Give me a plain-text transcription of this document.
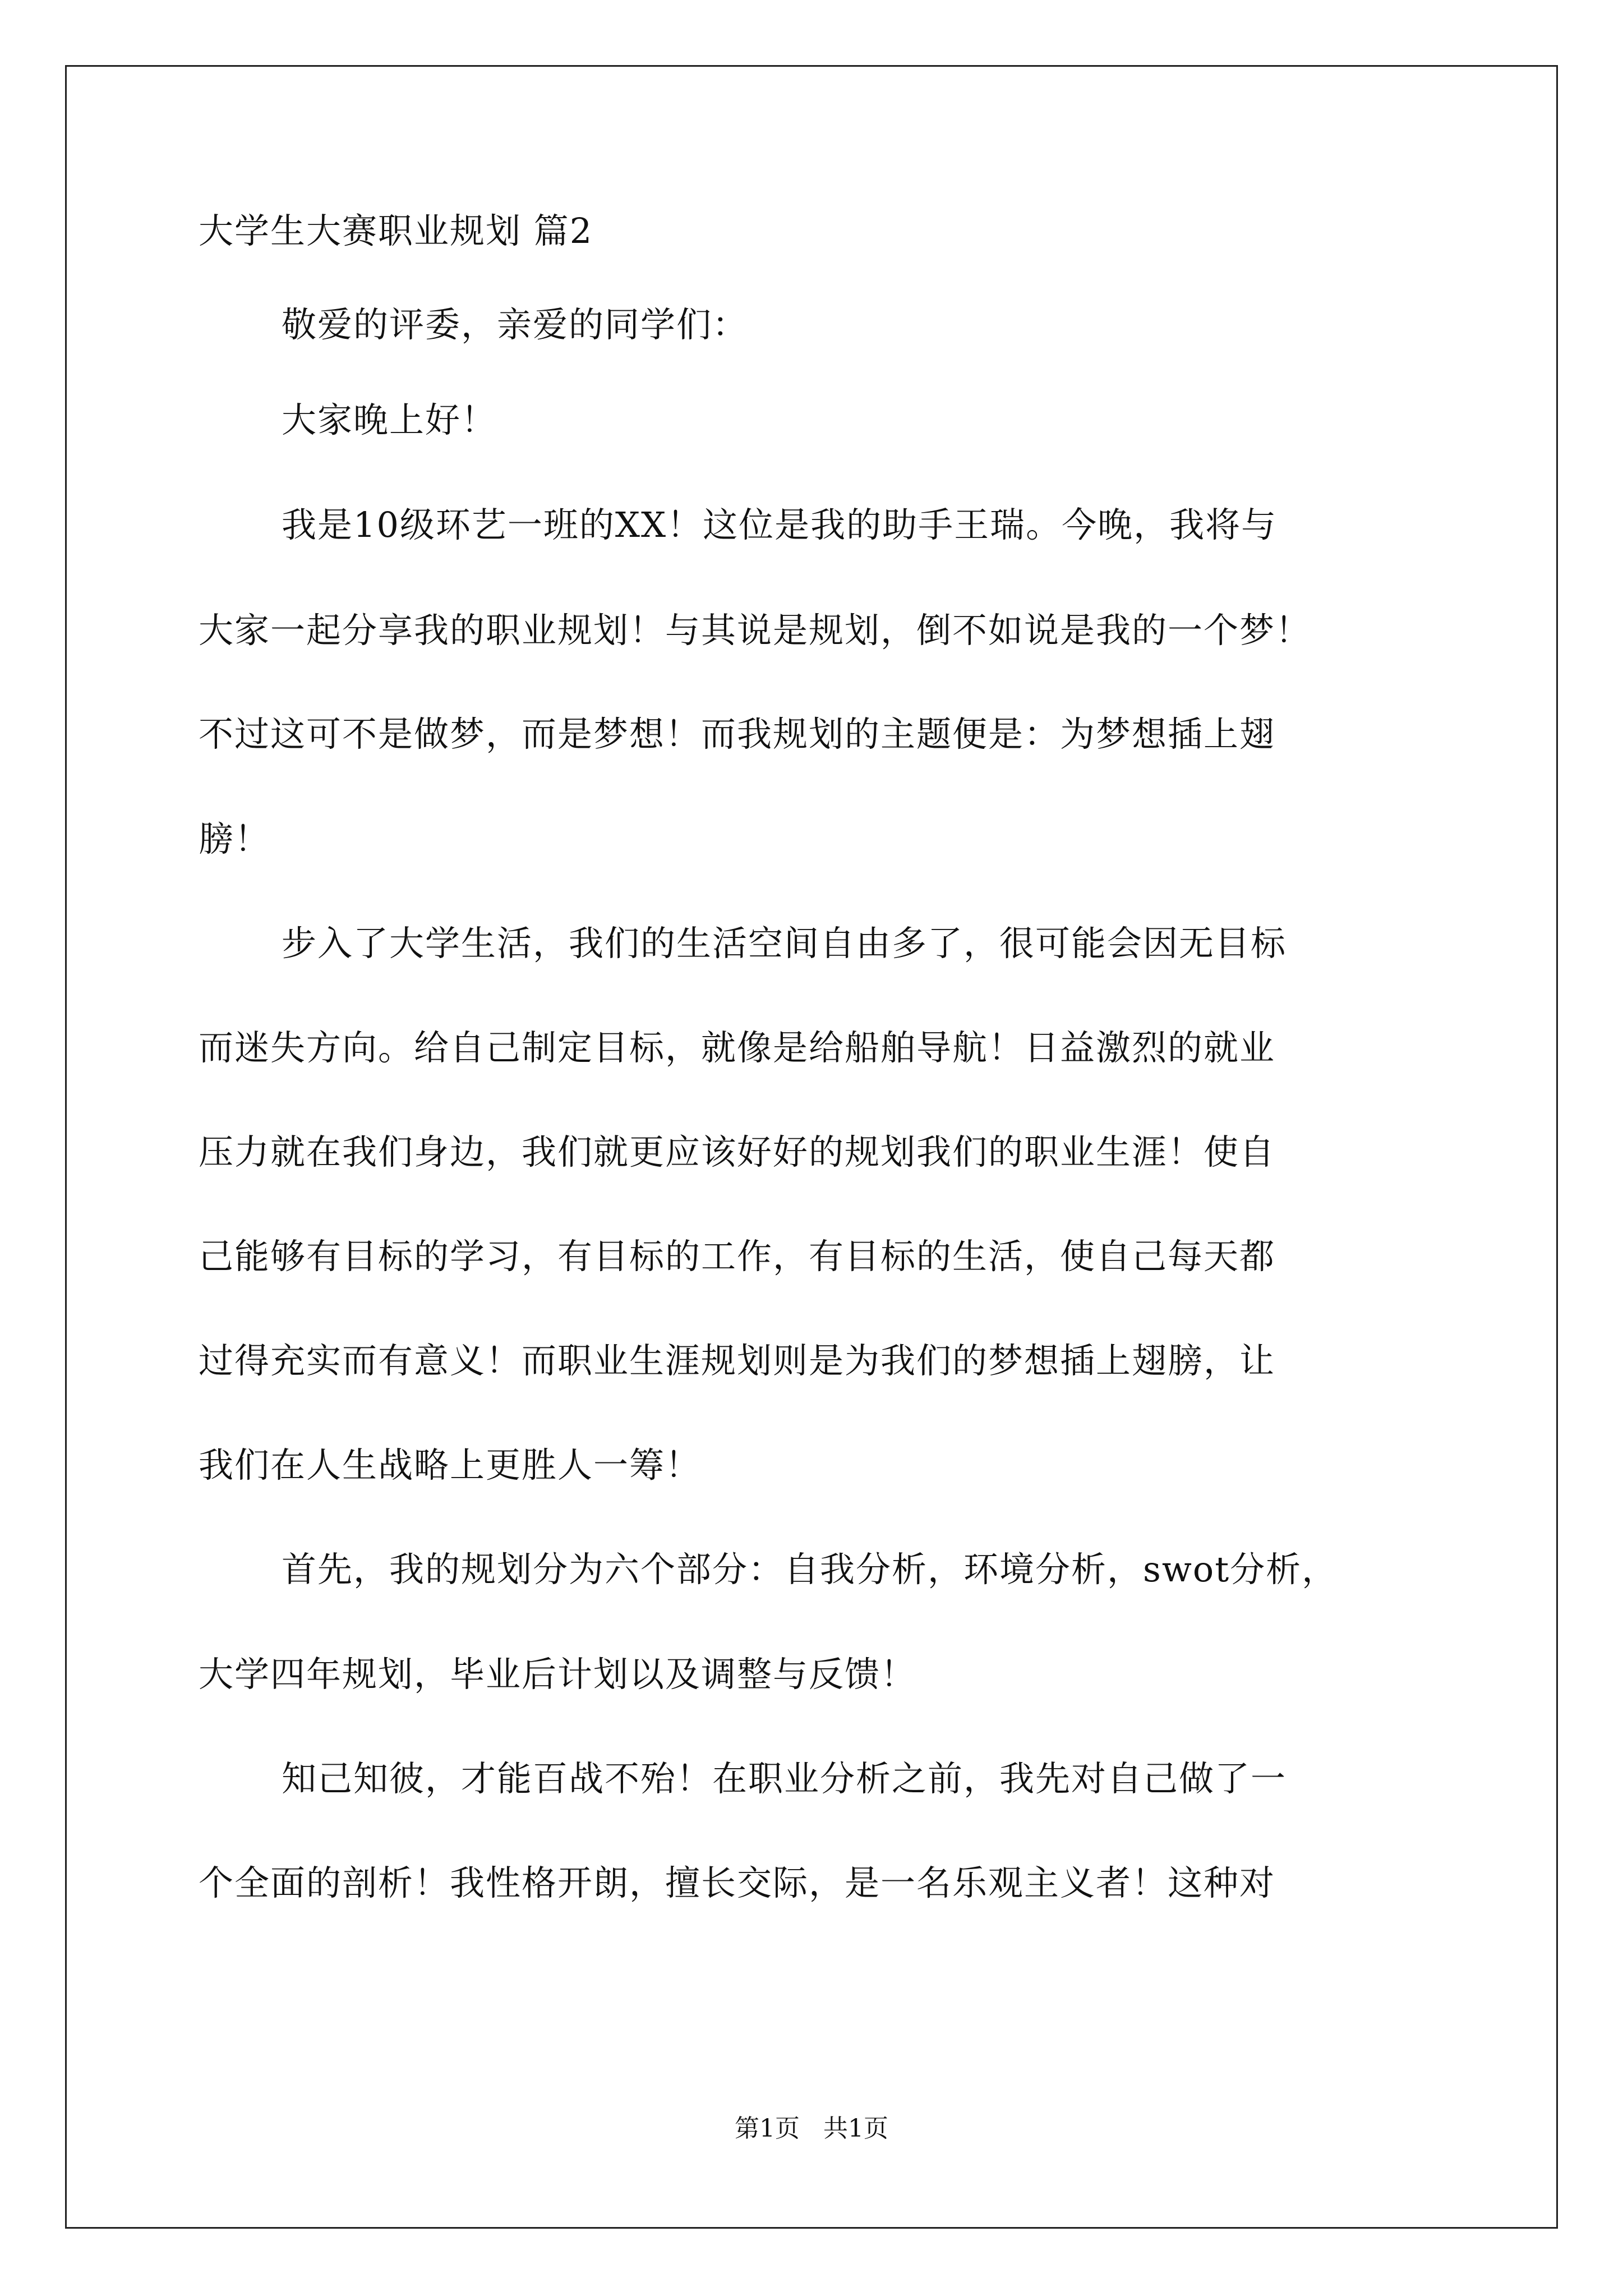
大学生大赛职业规划 篇2
敬爱的评委，亲爱的同学们：
大家晚上好！
我是10级环艺一班的XX！这位是我的助手王瑞。今晚，我将与
大家一起分享我的职业规划！与其说是规划，倒不如说是我的一个梦！
不过这可不是做梦，而是梦想！而我规划的主题便是：为梦想插上翅
膀！
步入了大学生活，我们的生活空间自由多了，很可能会因无目标
而迷失方向。给自己制定目标，就像是给船舶导航！日益激烈的就业
压力就在我们身边，我们就更应该好好的规划我们的职业生涯！使自
己能够有目标的学习，有目标的工作，有目标的生活，使自己每天都
过得充实而有意义！而职业生涯规划则是为我们的梦想插上翅膀，让
我们在人生战略上更胜人一筹！
首先，我的规划分为六个部分：自我分析，环境分析，swot分析，
大学四年规划，毕业后计划以及调整与反馈！
知己知彼，才能百战不殆！在职业分析之前，我先对自己做了一
个全面的剖析！我性格开朗，擅长交际，是一名乐观主义者！这种对
第1页   共1页
